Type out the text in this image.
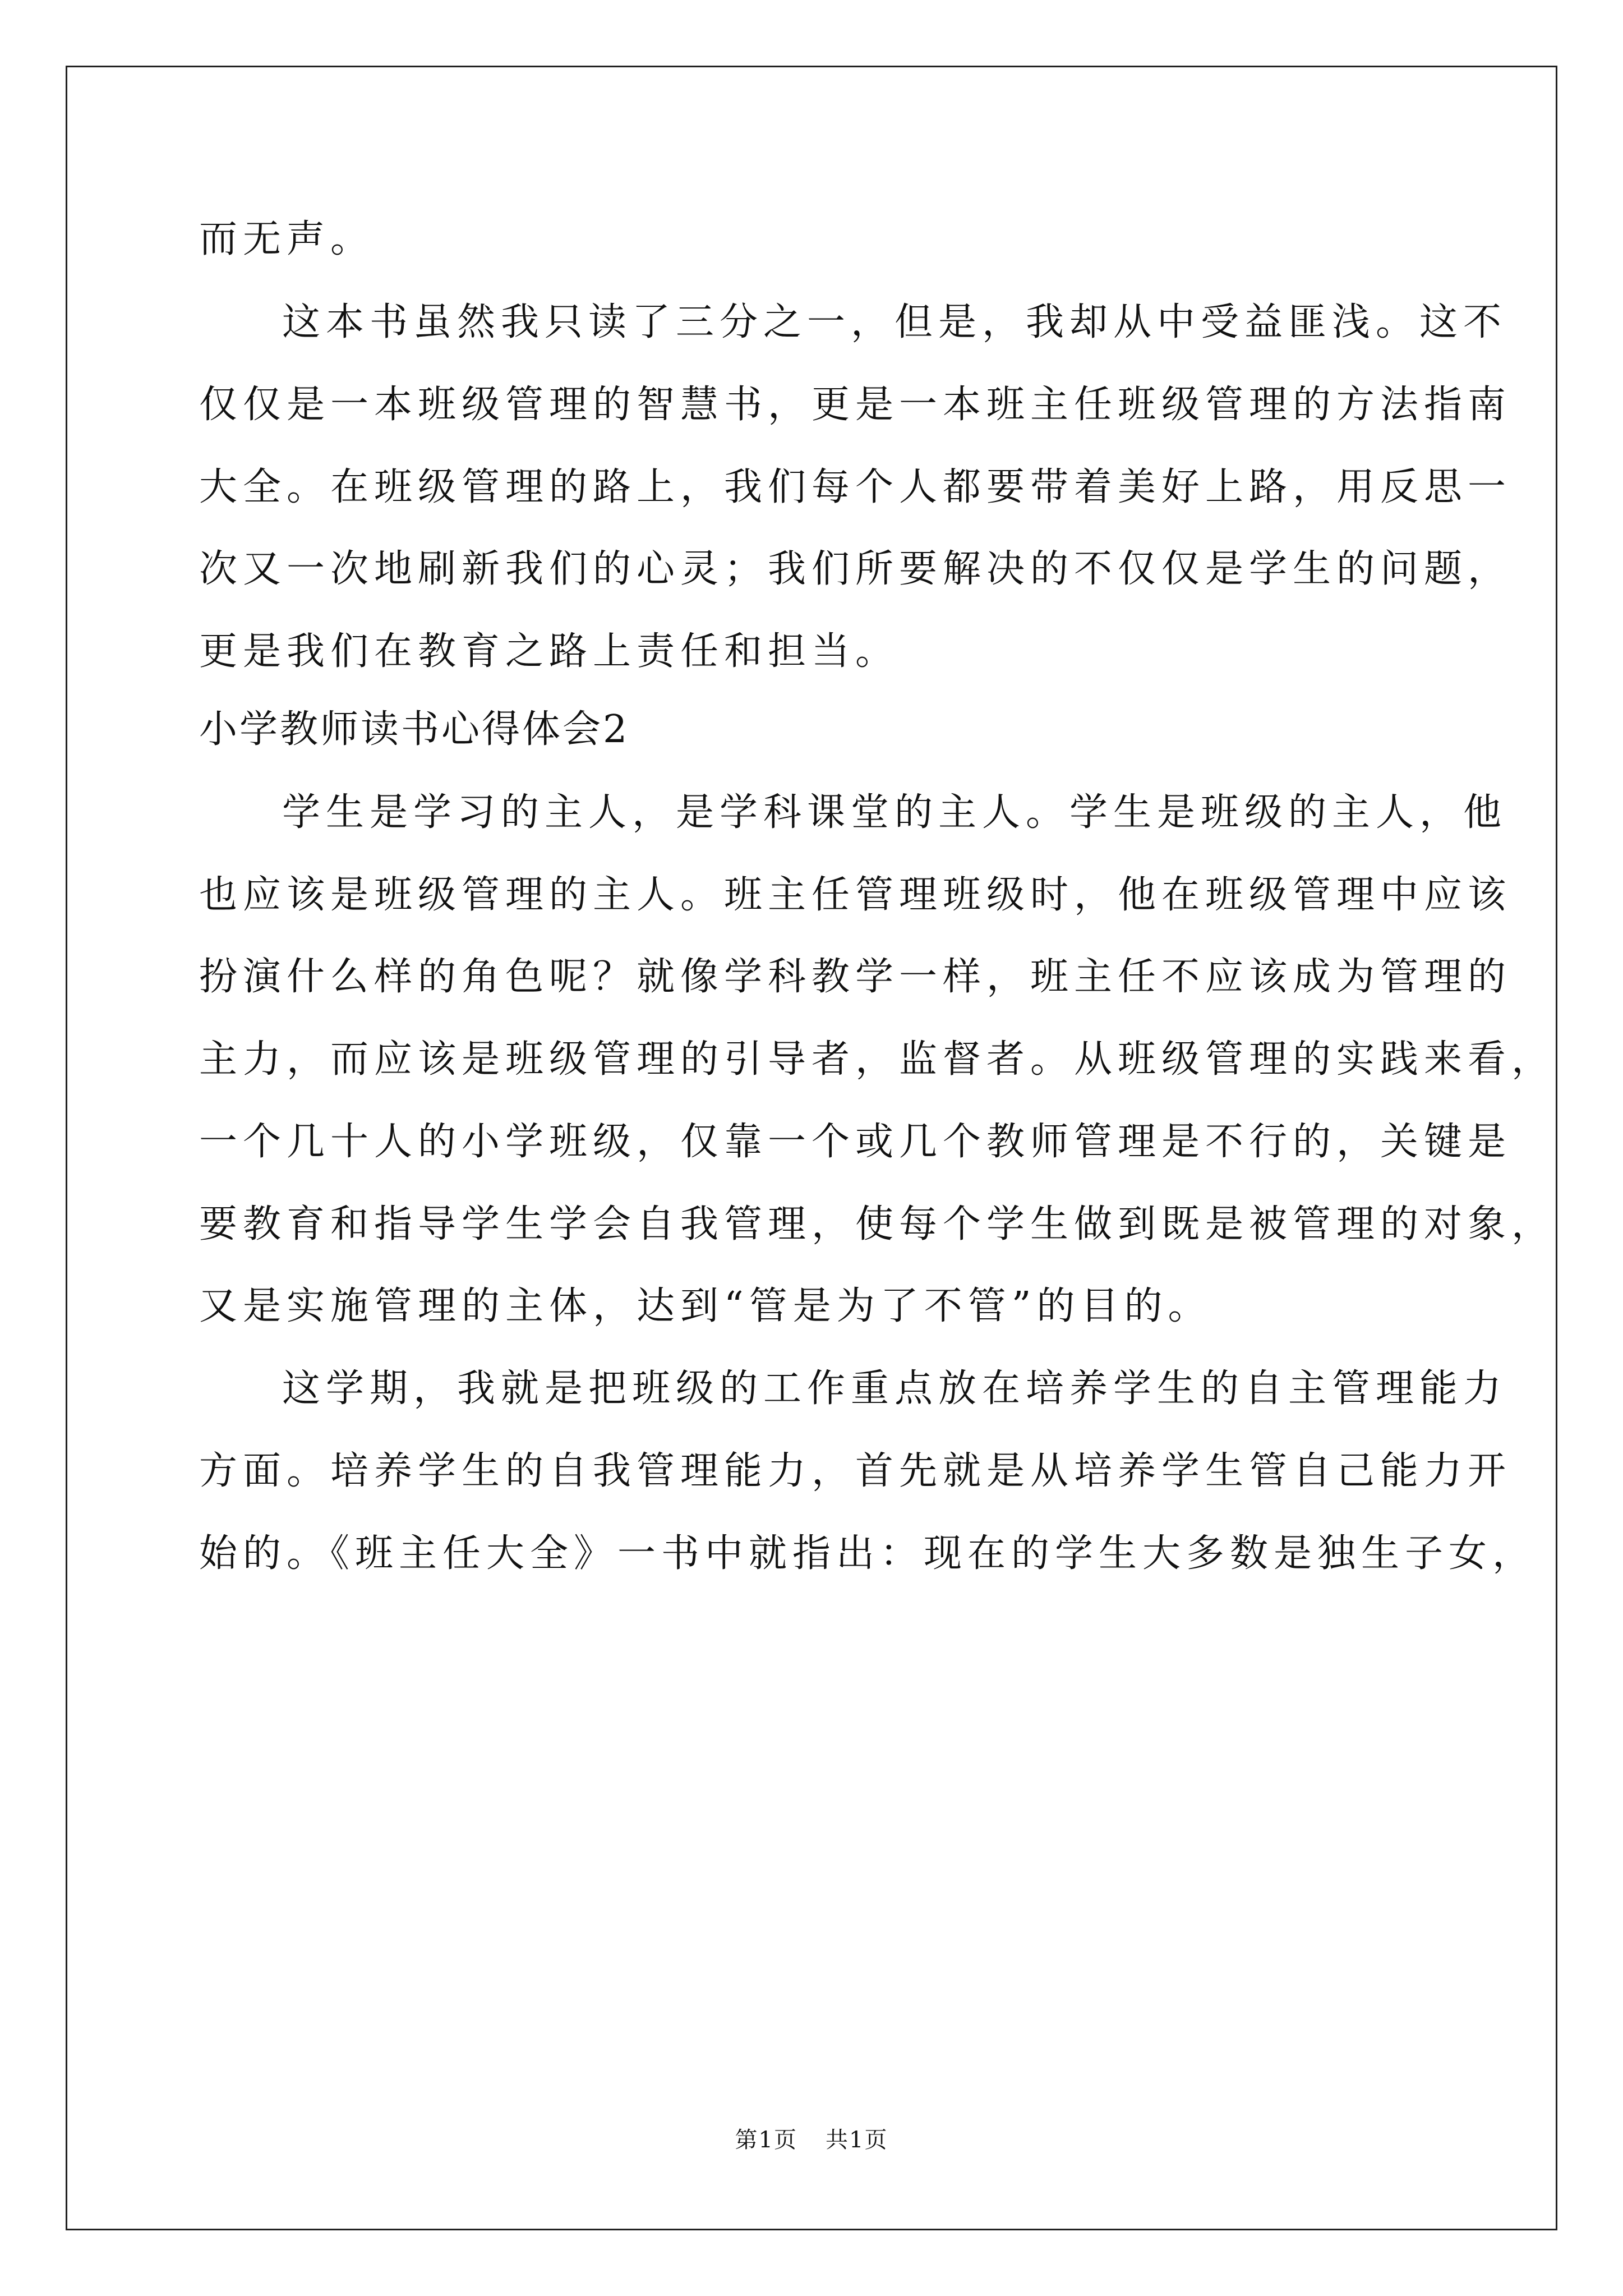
而无声。

这本书虽然我只读了三分之一，但是，我却从中受益匪浅。这不

仅仅是一本班级管理的智慧书，更是一本班主任班级管理的方法指南

大全。在班级管理的路上，我们每个人都要带着美好上路，用反思一

次又一次地刷新我们的心灵；我们所要解决的不仅仅是学生的问题，

更是我们在教育之路上责任和担当。

小学教师读书心得体会2

学生是学习的主人，是学科课堂的主人。学生是班级的主人，他

也应该是班级管理的主人。班主任管理班级时，他在班级管理中应该

扮演什么样的角色呢？就像学科教学一样，班主任不应该成为管理的

主力，而应该是班级管理的引导者，监督者。从班级管理的实践来看，

一个几十人的小学班级，仅靠一个或几个教师管理是不行的，关键是

要教育和指导学生学会自我管理，使每个学生做到既是被管理的对象，

又是实施管理的主体，达到“管是为了不管”的目的。

这学期，我就是把班级的工作重点放在培养学生的自主管理能力

方面。培养学生的自我管理能力，首先就是从培养学生管自己能力开

始的。《班主任大全》一书中就指出：现在的学生大多数是独生子女，

第1页 共1页
